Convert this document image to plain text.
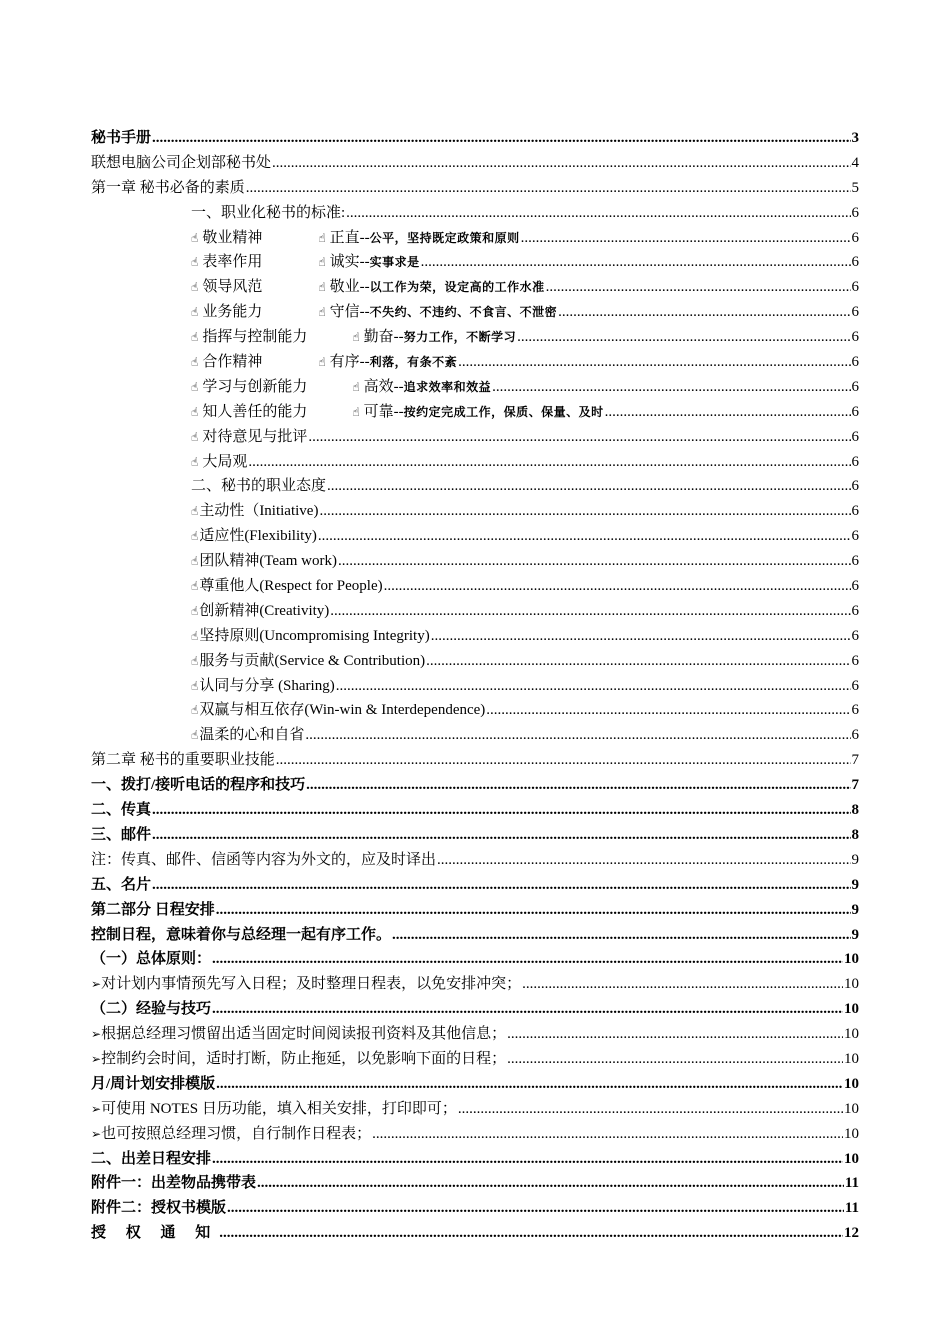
秘书手册 .....	3
联想电脑公司企划部秘书处 .....	4
第一章 秘书必备的素质 .....	5
一、职业化秘书的标准: .....	6
☝ 敬业精神	☝ 正直--公平，坚持既定政策和原则 .....	6
☝ 表率作用	☝ 诚实--实事求是 .....	6
☝ 领导风范	☝ 敬业--以工作为荣，设定高的工作水准 .....	6
☝ 业务能力	☝ 守信--不失约、不违约、不食言、不泄密 .....	6
☝ 指挥与控制能力	☝ 勤奋--努力工作，不断学习 .....	6
☝ 合作精神	☝ 有序--利落，有条不紊 .....	6
☝ 学习与创新能力	☝ 高效--追求效率和效益 .....	6
☝ 知人善任的能力	☝ 可靠--按约定完成工作，保质、保量、及时 .....	6
☝ 对待意见与批评 .....	6
☝ 大局观 .....	6
二、秘书的职业态度 .....	6
☝主动性（Initiative) .....	6
☝适应性(Flexibility) .....	6
☝团队精神(Team work) .....	6
☝尊重他人(Respect for People) .....	6
☝创新精神(Creativity) .....	6
☝坚持原则(Uncompromising Integrity) .....	6
☝服务与贡献(Service & Contribution) .....	6
☝认同与分享 (Sharing) .....	6
☝双赢与相互依存(Win-win & Interdependence) .....	6
☝温柔的心和自省 .....	6
第二章 秘书的重要职业技能 .....	7
一、拨打/接听电话的程序和技巧 .....	7
二、传真 .....	8
三、邮件 .....	8
注：传真、邮件、信函等内容为外文的，应及时译出 .....	9
五、名片 .....	9
第二部分 日程安排 .....	9
控制日程，意味着你与总经理一起有序工作。 .....	9
（一）总体原则： .....	10
➢对计划内事情预先写入日程；及时整理日程表，以免安排冲突； .....	10
（二）经验与技巧 .....	10
➢根据总经理习惯留出适当固定时间阅读报刊资料及其他信息； .....	10
➢控制约会时间，适时打断，防止拖延，以免影响下面的日程； .....	10
月/周计划安排模版 .....	10
➢可使用 NOTES 日历功能，填入相关安排，打印即可； .....	10
➢也可按照总经理习惯，自行制作日程表； .....	10
二、出差日程安排 .....	10
附件一：出差物品携带表 .....	11
附件二：授权书模版 .....	11
授 权 通 知 .....	12
